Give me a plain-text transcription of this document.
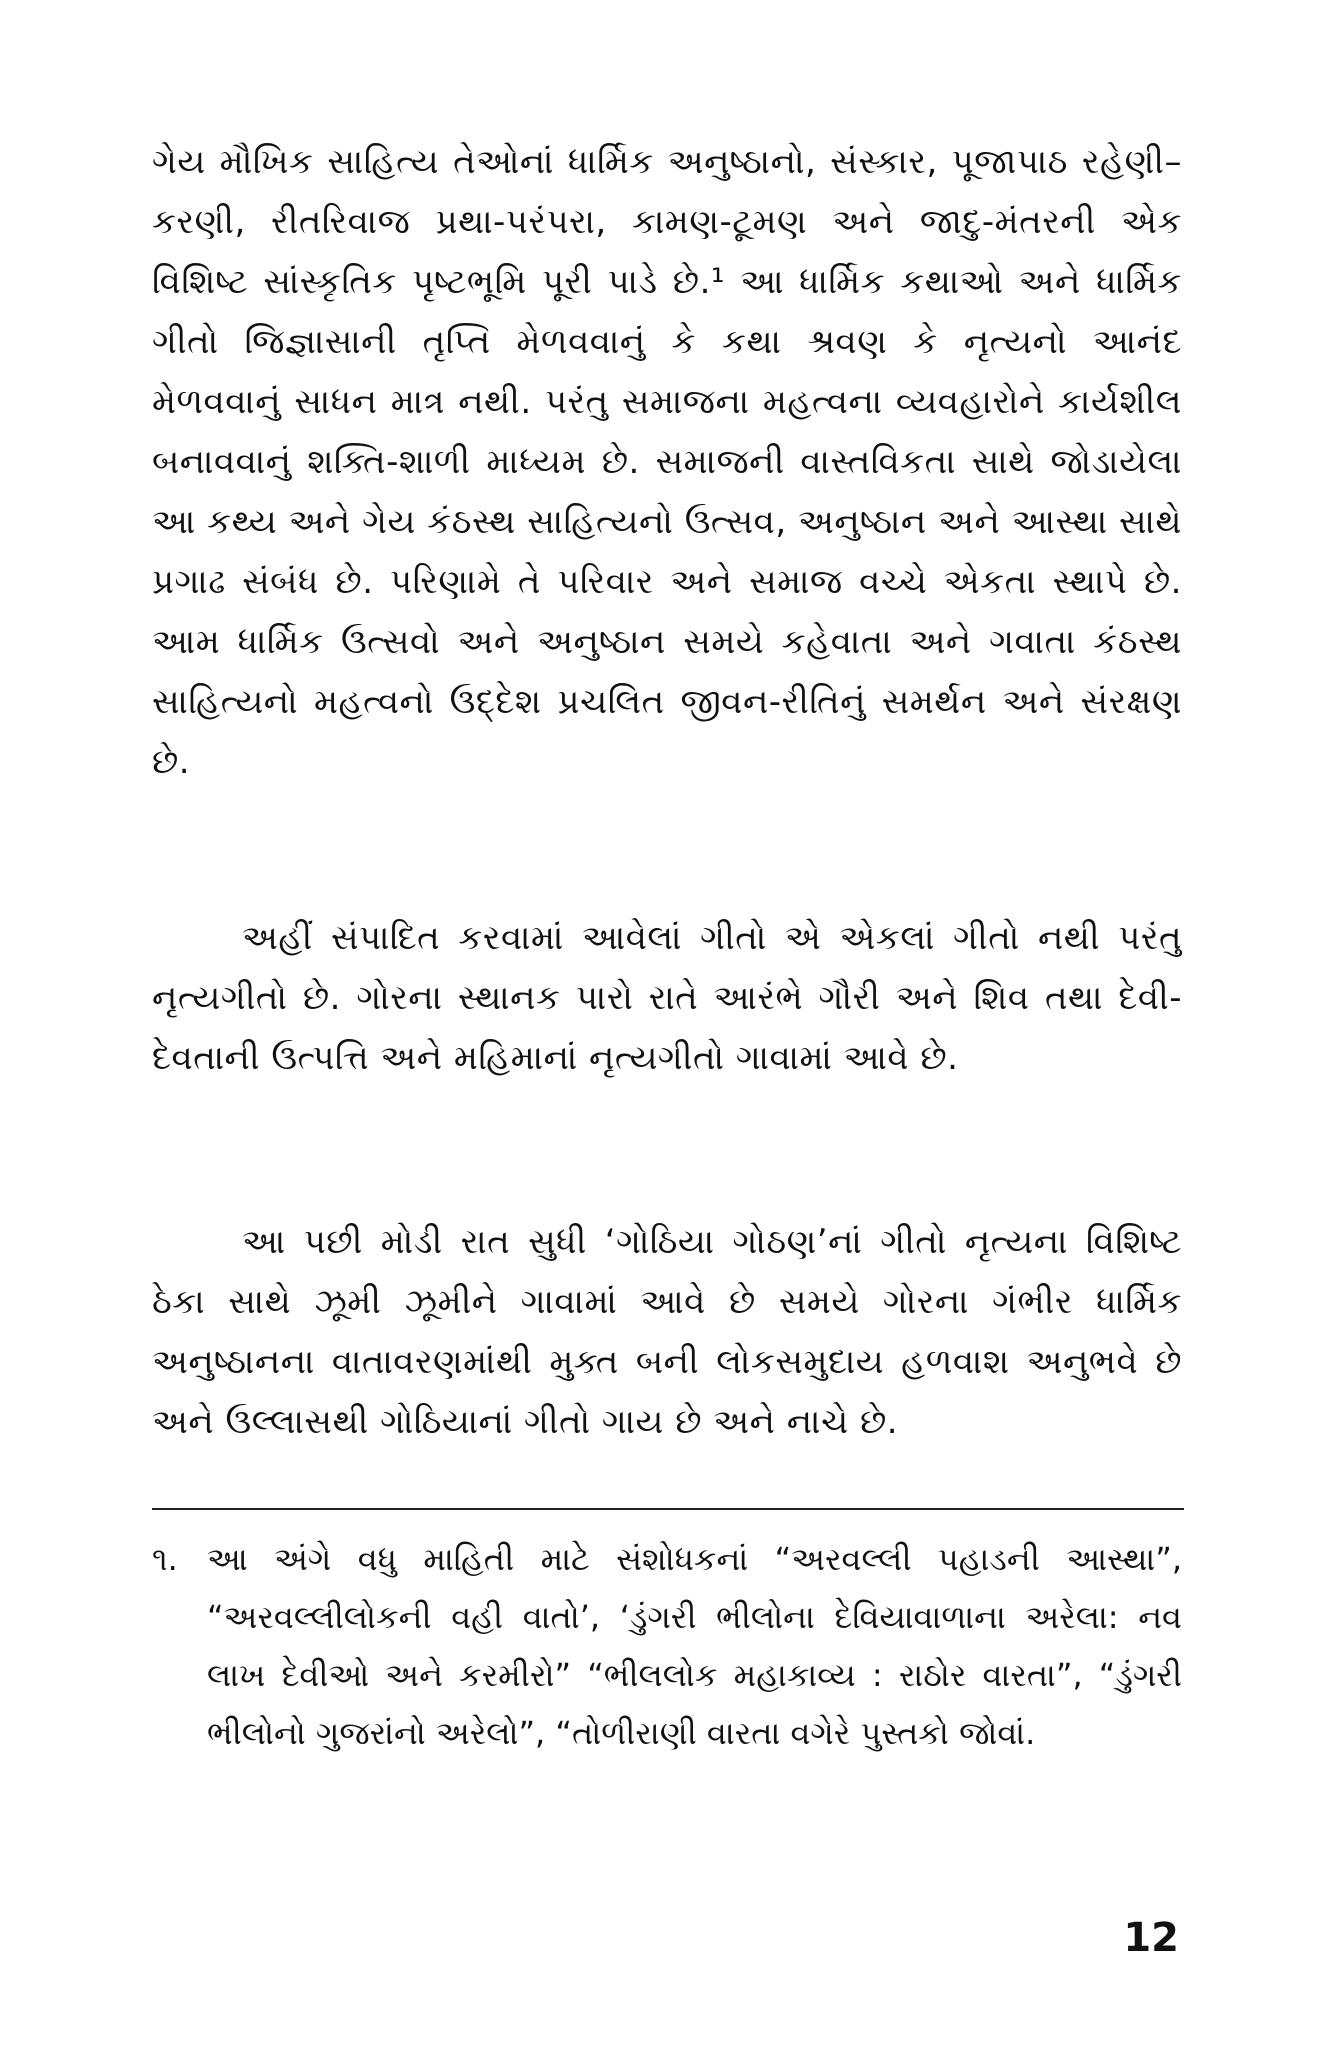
ગેય મૌખિક સાહિત્ય તેઓનાં ધાર્મિક અનુષ્ઠાનો, સંસ્કાર, પૂજાપાઠ રહેણી–કરણી, રીતરિવાજ પ્રથા-પરંપરા, કામણ-ટૂમણ અને જાદુ-મંતરની એક વિશિષ્ટ સાંસ્કૃતિક પૃષ્ટભૂમિ પૂરી પાડે છે.¹ આ ધાર્મિક કથાઓ અને ધાર્મિક ગીતો જિજ્ઞાસાની તૃપ્તિ મેળવવાનું કે કથા શ્રવણ કે નૃત્યનો આનંદ મેળવવાનું સાધન માત્ર નથી. પરંતુ સમાજના મહત્વના વ્યવહારોને કાર્યશીલ બનાવવાનું શક્તિ-શાળી માધ્યમ છે. સમાજની વાસ્તવિકતા સાથે જોડાયેલા આ કથ્ય અને ગેય કંઠસ્થ સાહિત્યનો ઉત્સવ, અનુષ્ઠાન અને આસ્થા સાથે પ્રગાઢ સંબંધ છે. પરિણામે તે પરિવાર અને સમાજ વચ્ચે એકતા સ્થાપે છે. આમ ધાર્મિક ઉત્સવો અને અનુષ્ઠાન સમયે કહેવાતા અને ગવાતા કંઠસ્થ સાહિત્યનો મહત્વનો ઉદ્દેશ પ્રચલિત જીવન-રીતિનું સમર્થન અને સંરક્ષણ છે.

અહીં સંપાદિત કરવામાં આવેલાં ગીતો એ એકલાં ગીતો નથી પરંતુ નૃત્યગીતો છે. ગોરના સ્થાનક પારો રાતે આરંભે ગૌરી અને શિવ તથા દેવી-દેવતાની ઉત્પત્તિ અને મહિમાનાં નૃત્યગીતો ગાવામાં આવે છે.

આ પછી મોડી રાત સુધી ‘ગોઠિયા ગોઠણ’નાં ગીતો નૃત્યના વિશિષ્ટ ઠેકા સાથે ઝૂમી ઝૂમીને ગાવામાં આવે છે સમયે ગોરના ગંભીર ધાર્મિક અનુષ્ઠાનના વાતાવરણમાંથી મુક્ત બની લોકસમુદાય હળવાશ અનુભવે છે અને ઉલ્લાસથી ગોઠિયાનાં ગીતો ગાય છે અને નાચે છે.

૧. આ અંગે વધુ માહિતી માટે સંશોધકનાં “અરવલ્લી પહાડની આસ્થા”, “અરવલ્લીલોકની વહી વાતો’, ‘ડુંગરી ભીલોના દેવિયાવાળાના અરેલા: નવ લાખ દેવીઓ અને કરમીરો” “ભીલલોક મહાકાવ્ય : રાઠોર વારતા”, “ડુંગરી ભીલોનો ગુજરાંનો અરેલો”, “તોળીરાણી વારતા વગેરે પુસ્તકો જોવાં.
12
